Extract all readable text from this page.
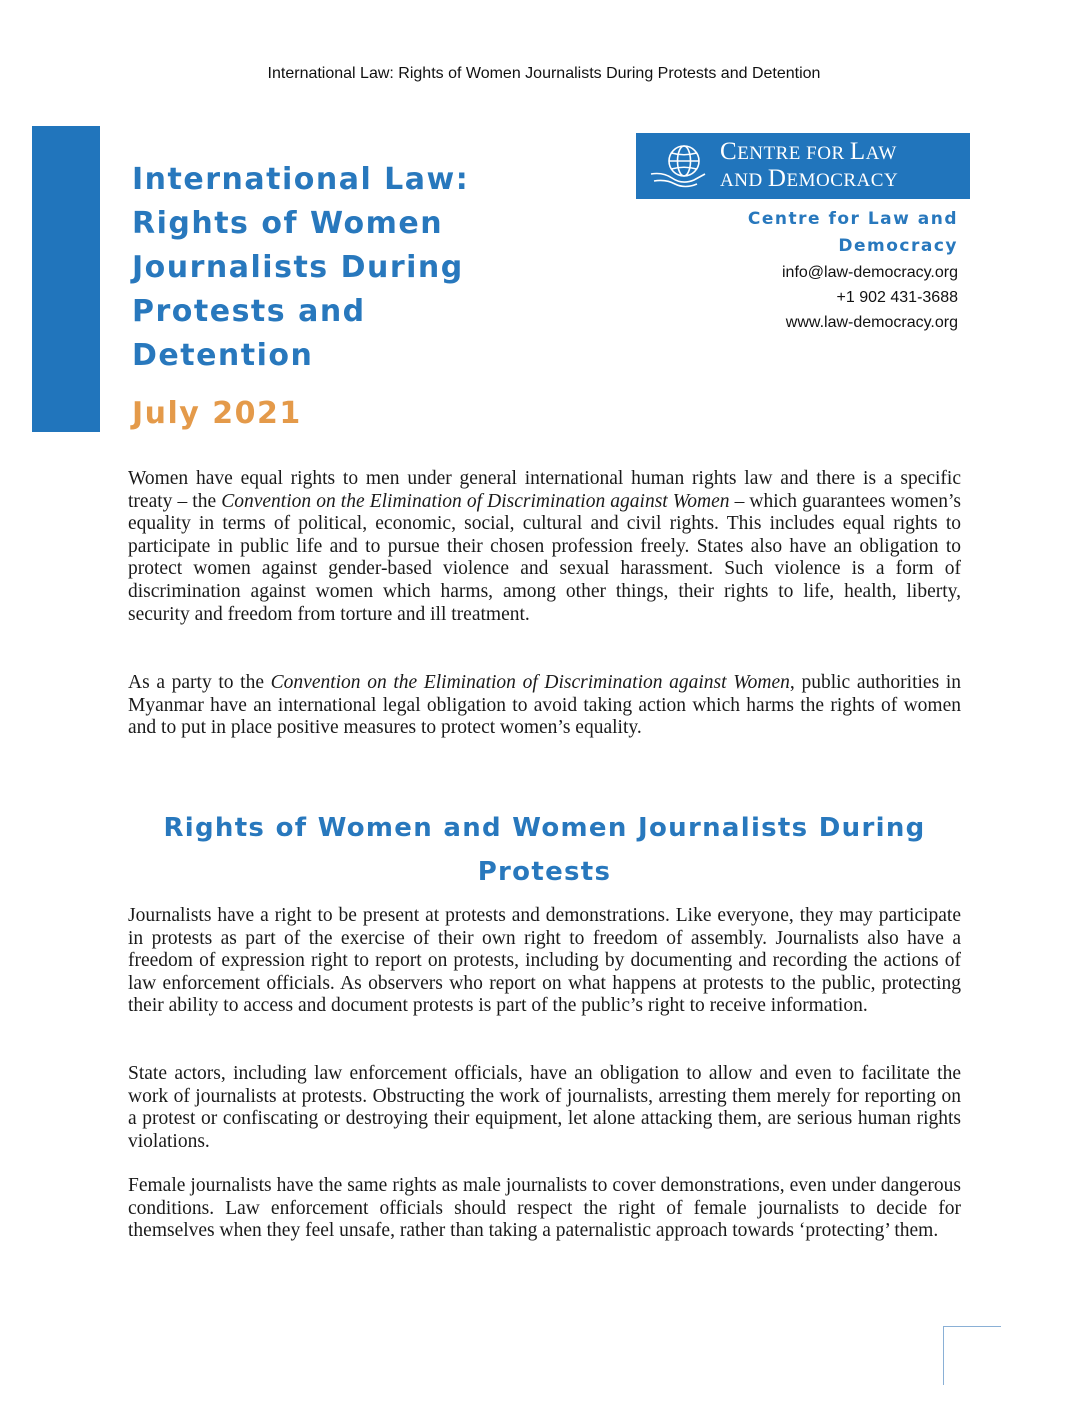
International Law: Rights of Women Journalists During Protests and Detention
International Law:
Rights of Women
Journalists During
Protests and
Detention
July 2021
CENTRE FOR LAW
AND DEMOCRACY
Centre for Law and
Democracy
info@law-democracy.org
+1 902 431-3688
www.law-democracy.org

Women have equal rights to men under general international human rights law and there is a specific treaty – the Convention on the Elimination of Discrimination against Women – which guarantees women’s equality in terms of political, economic, social, cultural and civil rights. This includes equal rights to participate in public life and to pursue their chosen profession freely. States also have an obligation to protect women against gender-based violence and sexual harassment. Such violence is a form of discrimination against women which harms, among other things, their rights to life, health, liberty, security and freedom from torture and ill treatment.

As a party to the Convention on the Elimination of Discrimination against Women, public authorities in Myanmar have an international legal obligation to avoid taking action which harms the rights of women and to put in place positive measures to protect women’s equality.

Rights of Women and Women Journalists During Protests

Journalists have a right to be present at protests and demonstrations. Like everyone, they may participate in protests as part of the exercise of their own right to freedom of assembly. Journalists also have a freedom of expression right to report on protests, including by documenting and recording the actions of law enforcement officials. As observers who report on what happens at protests to the public, protecting their ability to access and document protests is part of the public’s right to receive information.

State actors, including law enforcement officials, have an obligation to allow and even to facilitate the work of journalists at protests. Obstructing the work of journalists, arresting them merely for reporting on a protest or confiscating or destroying their equipment, let alone attacking them, are serious human rights violations.

Female journalists have the same rights as male journalists to cover demonstrations, even under dangerous conditions. Law enforcement officials should respect the right of female journalists to decide for themselves when they feel unsafe, rather than taking a paternalistic approach towards ‘protecting’ them.
